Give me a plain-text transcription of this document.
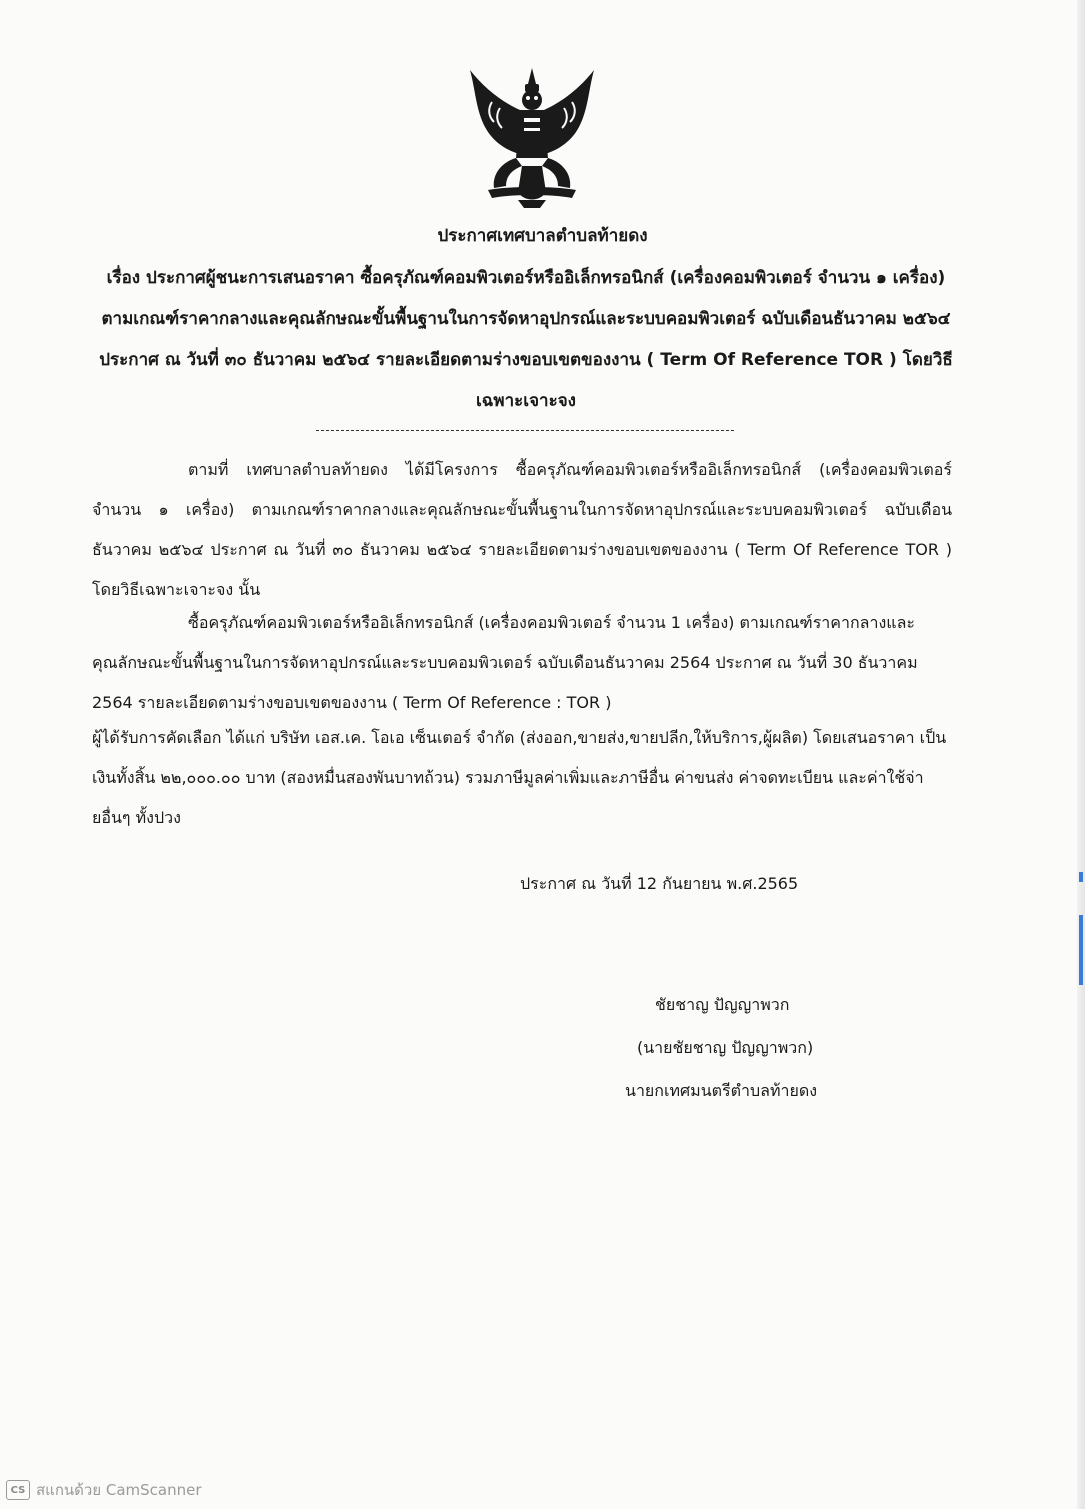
ประกาศเทศบาลตำบลท้ายดง
เรื่อง ประกาศผู้ชนะการเสนอราคา ซื้อครุภัณฑ์คอมพิวเตอร์หรืออิเล็กทรอนิกส์ (เครื่องคอมพิวเตอร์ จำนวน ๑ เครื่อง) ตามเกณฑ์ราคากลางและคุณลักษณะขั้นพื้นฐานในการจัดหาอุปกรณ์และระบบคอมพิวเตอร์ ฉบับเดือนธันวาคม ๒๕๖๔ ประกาศ ณ วันที่ ๓๐ ธันวาคม ๒๕๖๔ รายละเอียดตามร่างขอบเขตของงาน ( Term Of Reference TOR ) โดยวิธีเฉพาะเจาะจง
ตามที่ เทศบาลตำบลท้ายดง ได้มีโครงการ ซื้อครุภัณฑ์คอมพิวเตอร์หรืออิเล็กทรอนิกส์ (เครื่องคอมพิวเตอร์ จำนวน ๑ เครื่อง) ตามเกณฑ์ราคากลางและคุณลักษณะขั้นพื้นฐานในการจัดหาอุปกรณ์และระบบคอมพิวเตอร์ ฉบับเดือนธันวาคม ๒๕๖๔ ประกาศ ณ วันที่ ๓๐ ธันวาคม ๒๕๖๔ รายละเอียดตามร่างขอบเขตของงาน ( Term Of Reference TOR ) โดยวิธีเฉพาะเจาะจง นั้น
ซื้อครุภัณฑ์คอมพิวเตอร์หรืออิเล็กทรอนิกส์ (เครื่องคอมพิวเตอร์ จำนวน 1 เครื่อง) ตามเกณฑ์ราคากลางและคุณลักษณะขั้นพื้นฐานในการจัดหาอุปกรณ์และระบบคอมพิวเตอร์ ฉบับเดือนธันวาคม 2564 ประกาศ ณ วันที่ 30 ธันวาคม 2564 รายละเอียดตามร่างขอบเขตของงาน ( Term Of Reference : TOR )
ผู้ได้รับการคัดเลือก ได้แก่ บริษัท เอส.เค. โอเอ เซ็นเตอร์ จำกัด (ส่งออก,ขายส่ง,ขายปลีก,ให้บริการ,ผู้ผลิต) โดยเสนอราคา เป็นเงินทั้งสิ้น ๒๒,๐๐๐.๐๐ บาท (สองหมื่นสองพันบาทถ้วน) รวมภาษีมูลค่าเพิ่มและภาษีอื่น ค่าขนส่ง ค่าจดทะเบียน และค่าใช้จ่ายอื่นๆ ทั้งปวง
ประกาศ ณ วันที่ 12 กันยายน พ.ศ.2565
ชัยชาญ ปัญญาพวก
(นายชัยชาญ ปัญญาพวก)
นายกเทศมนตรีตำบลท้ายดง
CS สแกนด้วย CamScanner
